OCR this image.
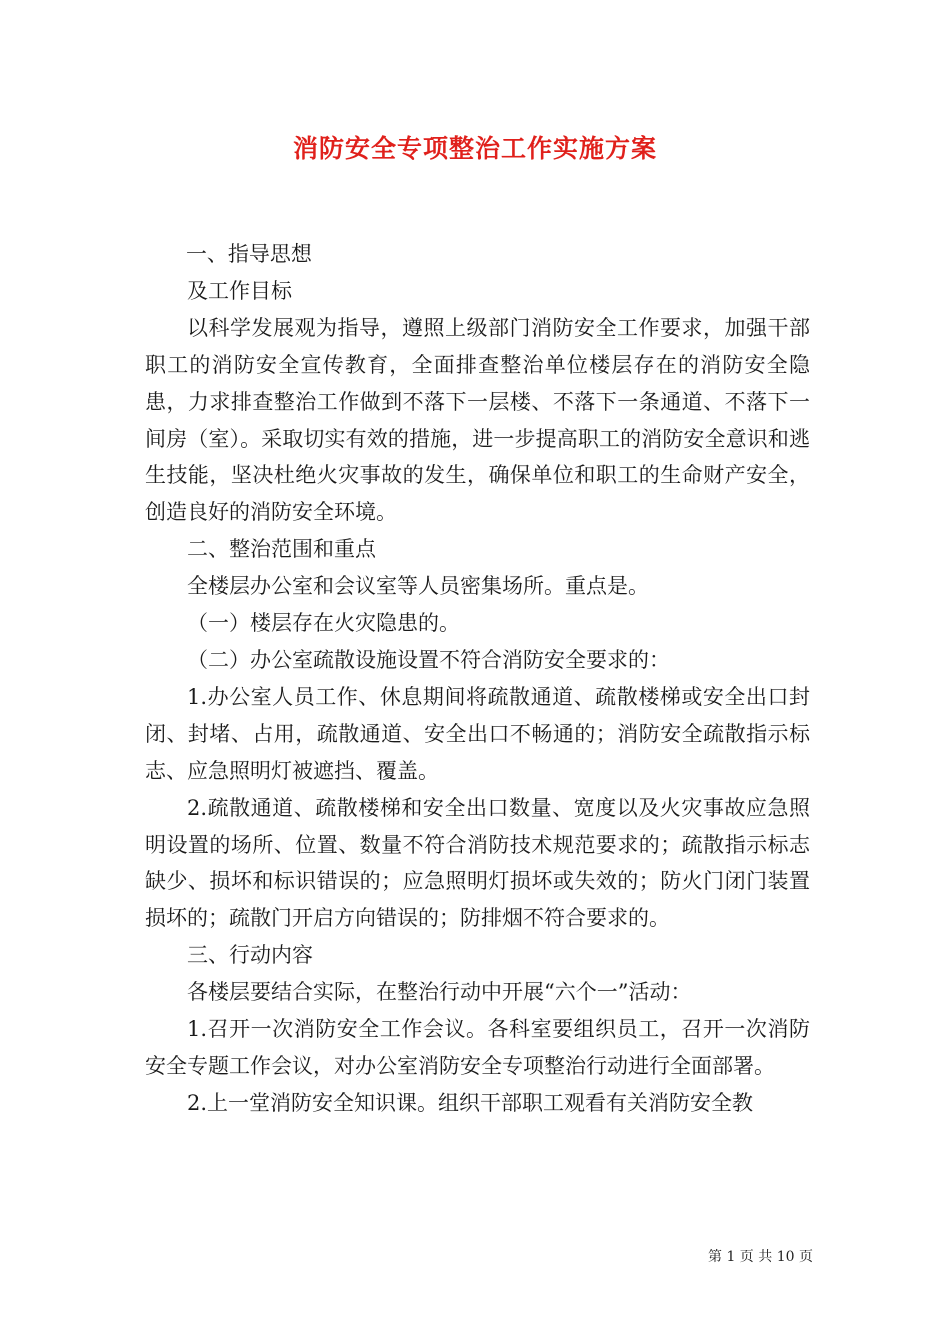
消防安全专项整治工作实施方案

一、指导思想

及工作目标

以科学发展观为指导，遵照上级部门消防安全工作要求，加强干部职工的消防安全宣传教育，全面排查整治单位楼层存在的消防安全隐患，力求排查整治工作做到不落下一层楼、不落下一条通道、不落下一间房（室）。采取切实有效的措施，进一步提高职工的消防安全意识和逃生技能，坚决杜绝火灾事故的发生，确保单位和职工的生命财产安全，创造良好的消防安全环境。

二、整治范围和重点

全楼层办公室和会议室等人员密集场所。重点是。

（一）楼层存在火灾隐患的。

（二）办公室疏散设施设置不符合消防安全要求的：

1.办公室人员工作、休息期间将疏散通道、疏散楼梯或安全出口封闭、封堵、占用，疏散通道、安全出口不畅通的；消防安全疏散指示标志、应急照明灯被遮挡、覆盖。

2.疏散通道、疏散楼梯和安全出口数量、宽度以及火灾事故应急照明设置的场所、位置、数量不符合消防技术规范要求的；疏散指示标志缺少、损坏和标识错误的；应急照明灯损坏或失效的；防火门闭门装置损坏的；疏散门开启方向错误的；防排烟不符合要求的。

三、行动内容

各楼层要结合实际，在整治行动中开展“六个一”活动：

1.召开一次消防安全工作会议。各科室要组织员工，召开一次消防安全专题工作会议，对办公室消防安全专项整治行动进行全面部署。

2.上一堂消防安全知识课。组织干部职工观看有关消防安全教

第 1 页 共 10 页
